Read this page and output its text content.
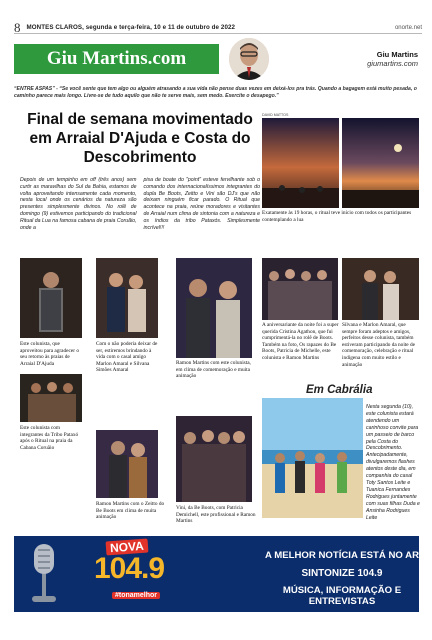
8 MONTES CLAROS, segunda e terça-feira, 10 e 11 de outubro de 2022	onorte.net
Giu Martins.com	Giu Martins
giumartins.com
“ENTRE ASPAS” - “Se você sente que tem algo ou alguém atrasando a sua vida não pense duas vezes em deixá-los pra trás. Quando a bagagem está muito pesada, o caminho parece mais longo. Livre-se de tudo aquilo que não te serve mais, sem medo. Exercite o desapego.”
Final de semana movimentado em Arraial D'Ajuda e Costa do Descobrimento
Depois de um tempinho em off (três anos) sem curtir as maravilhas do Sul da Bahia, estamos de volta aproveitando intensamente cada momento, nesta local onde os cenários da natureza são presentes simplesmente divinos. No rolê de domingo (9) estivemos participando do tradicional Ritual da Lua na famosa cabana de praia Coruãio, onde a
pisa de boate do "point" esteve fervilhante sob o comando dos internacionalíssimos integrantes do dupla Be Boots, Zeitto e Vini são DJ's que não deixam ninguém ficar parado. O Ritual que acontece na praia, reúne moradores e visitantes de Arraial num clima de sintonia com a natureza e os índios da tribo Pataxós. Simplesmente incrível!!!
DAVID MATTOS
Exatamente às 19 horas, o ritual teve início com todos os participantes contemplando a lua
Este colunista, que aproveitou para agradecer o seu retorno às praias de Arraial D'Ajuda
Com o não poderia deixar de ser, estiremos brindando à vida com o casal amigo Marlon Amaral e Silvana Simões Amaral
Ramon Martins com este colunista, em clima de comemoração e muita animação
A aniversariante da noite foi a super querida Cristina Agathon, que fui cumprimentá-la no rolê de Boots. Também na foto, Os rapazes do Be Boots, Patricia de Michelle, este colunista e Ramon Martins
Silvana e Marlon Amaral, que sempre foram adeptos e amigos, perfeitos desse colunista, também estiveram participando da noite de comemoração, celebração e ritual indígena com muito estilo e animação
Este colunista com integrantes da Tribo Pataxó após o Ritual na praia da Cabana Coruãio
Ramon Martins com o Zeitto do Be Boots em clima de muita animação
Vini, da Be Boots, com Patricia Demichell, este profissional e Ramon Martins
Em Cabrália
Nesta segunda (10), este colunista estará atendendo um carinhoso convite para um passeio de barco pela Costa do Descobrimento. Antecipadamente, divulgaremos flashes atentos deste dia, em companhia do casal Toty Santos Leite e Tuanica Fernandes Rodrigues juntamente com suas filhas Duda e Ansinha Rodrigues Leite
NOVA
104.9
#tonamelhor
A MELHOR NOTÍCIA ESTÁ NO AR
SINTONIZE 104.9
MÚSICA, INFORMAÇÃO E ENTREVISTAS
